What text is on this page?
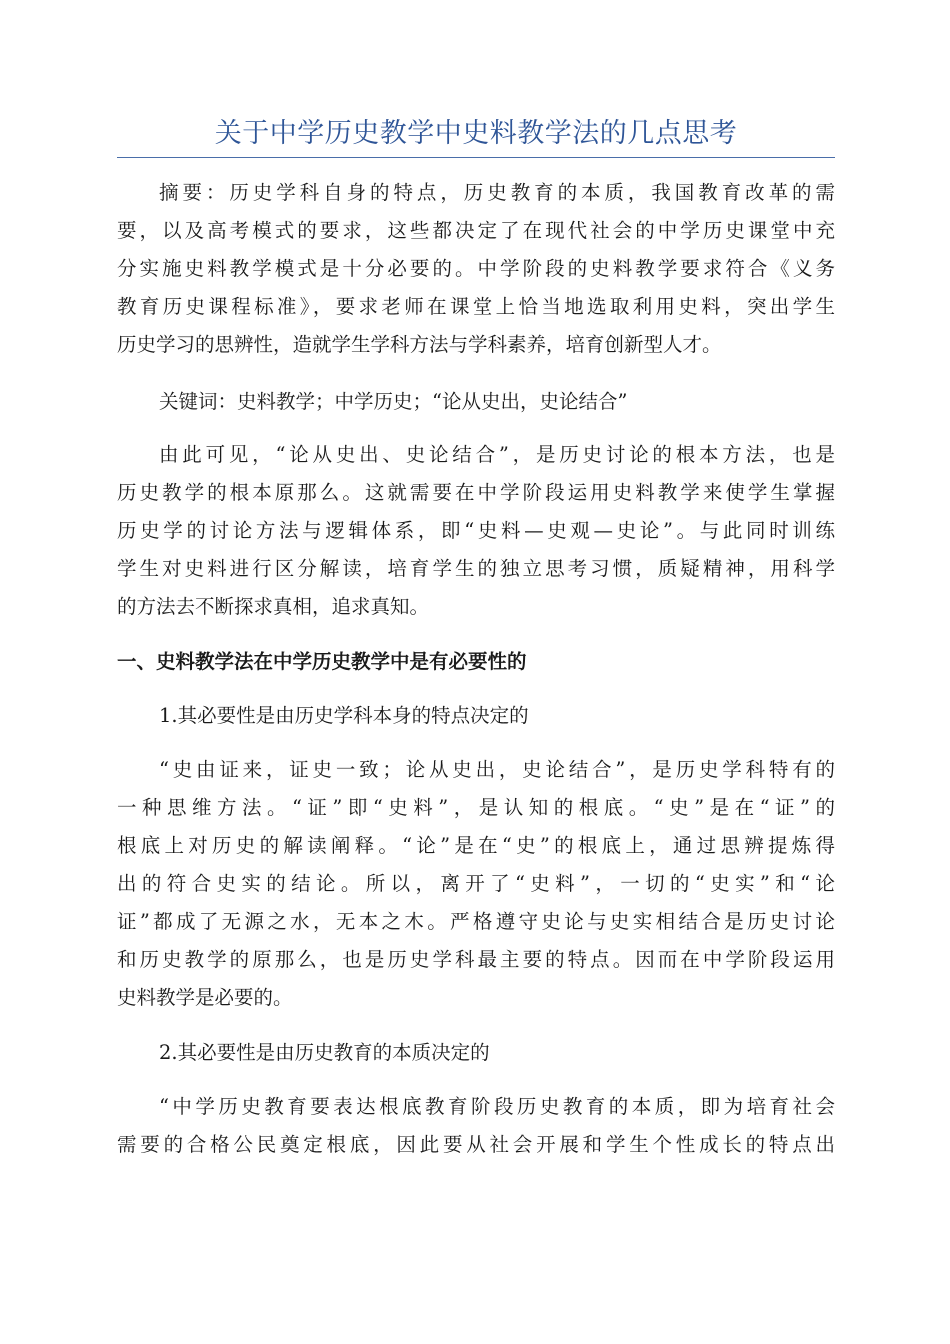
关于中学历史教学中史料教学法的几点思考
摘要：历史学科自身的特点，历史教育的本质，我国教育改革的需
要，以及高考模式的要求，这些都决定了在现代社会的中学历史课堂中充
分实施史料教学模式是十分必要的。中学阶段的史料教学要求符合《义务
教育历史课程标准》，要求老师在课堂上恰当地选取利用史料，突出学生
历史学习的思辨性，造就学生学科方法与学科素养，培育创新型人才。
关键词：史料教学；中学历史；“论从史出，史论结合”
由此可见，“论从史出、史论结合”，是历史讨论的根本方法，也是
历史教学的根本原那么。这就需要在中学阶段运用史料教学来使学生掌握
历史学的讨论方法与逻辑体系，即“史料—史观—史论”。与此同时训练
学生对史料进行区分解读，培育学生的独立思考习惯，质疑精神，用科学
的方法去不断探求真相，追求真知。
一、史料教学法在中学历史教学中是有必要性的
1.其必要性是由历史学科本身的特点决定的
“史由证来，证史一致；论从史出，史论结合”，是历史学科特有的
一种思维方法。“证”即“史料”，是认知的根底。“史”是在“证”的
根底上对历史的解读阐释。“论”是在“史”的根底上，通过思辨提炼得
出的符合史实的结论。所以，离开了“史料”，一切的“史实”和“论
证”都成了无源之水，无本之木。严格遵守史论与史实相结合是历史讨论
和历史教学的原那么，也是历史学科最主要的特点。因而在中学阶段运用
史料教学是必要的。
2.其必要性是由历史教育的本质决定的
“中学历史教育要表达根底教育阶段历史教育的本质，即为培育社会
需要的合格公民奠定根底，因此要从社会开展和学生个性成长的特点出
